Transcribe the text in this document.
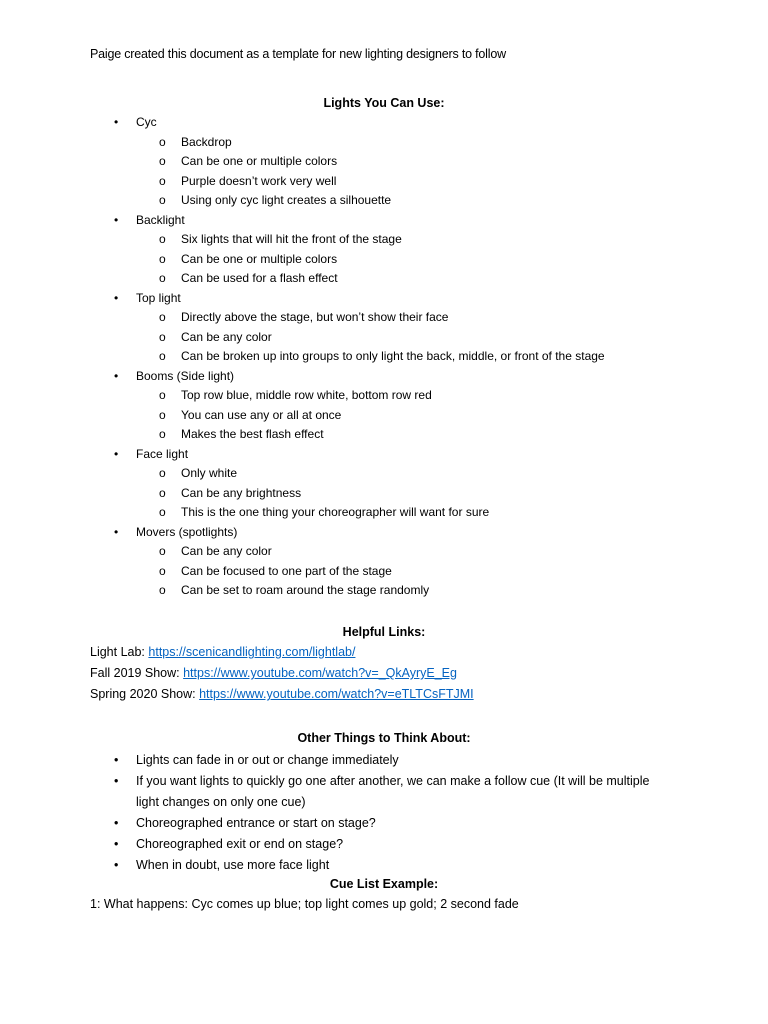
Paige created this document as a template for new lighting designers to follow
Lights You Can Use:
• Cyc
o Backdrop
o Can be one or multiple colors
o Purple doesn’t work very well
o Using only cyc light creates a silhouette
• Backlight
o Six lights that will hit the front of the stage
o Can be one or multiple colors
o Can be used for a flash effect
• Top light
o Directly above the stage, but won’t show their face
o Can be any color
o Can be broken up into groups to only light the back, middle, or front of the stage
• Booms (Side light)
o Top row blue, middle row white, bottom row red
o You can use any or all at once
o Makes the best flash effect
• Face light
o Only white
o Can be any brightness
o This is the one thing your choreographer will want for sure
• Movers (spotlights)
o Can be any color
o Can be focused to one part of the stage
o Can be set to roam around the stage randomly
Helpful Links:
Light Lab: https://scenicandlighting.com/lightlab/
Fall 2019 Show: https://www.youtube.com/watch?v=_QkAyryE_Eg
Spring 2020 Show: https://www.youtube.com/watch?v=eTLTCsFTJMI
Other Things to Think About:
• Lights can fade in or out or change immediately
• If you want lights to quickly go one after another, we can make a follow cue (It will be multiple light changes on only one cue)
• Choreographed entrance or start on stage?
• Choreographed exit or end on stage?
• When in doubt, use more face light
Cue List Example:
1: What happens: Cyc comes up blue; top light comes up gold; 2 second fade
